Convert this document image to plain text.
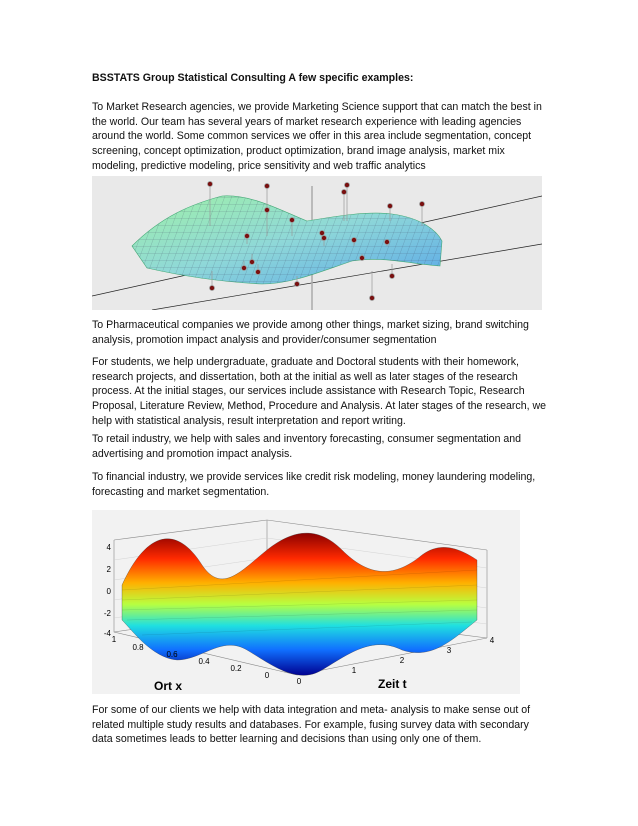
BSSTATS Group Statistical Consulting A few specific examples:

To Market Research agencies, we provide Marketing Science support that can match the best in the world. Our team has several years of market research experience with leading agencies around the world. Some common services we offer in this area include segmentation, concept screening, concept optimization, product optimization, brand image analysis, market mix modeling, predictive modeling, price sensitivity and web traffic analytics

To Pharmaceutical companies we provide among other things, market sizing, brand switching analysis, promotion impact analysis and provider/consumer segmentation

For students, we help undergraduate, graduate and Doctoral students with their homework, research projects, and dissertation, both at the initial as well as later stages of the research process. At the initial stages, our services include assistance with Research Topic, Research Proposal, Literature Review, Method, Procedure and Analysis. At later stages of the research, we help with statistical analysis, result interpretation and report writing.

To retail industry, we help with sales and inventory forecasting, consumer segmentation and advertising and promotion impact analysis.

To financial industry, we provide services like credit risk modeling, money laundering modeling, forecasting and market segmentation.

4
2
0
-2
-4
1
0.8
0.6
0.4
0.2
0
0
1
2
3
4
Ort x	Zeit t

For some of our clients we help with data integration and meta- analysis to make sense out of related multiple study results and databases. For example, fusing survey data with secondary data sometimes leads to better learning and decisions than using only one of them.
